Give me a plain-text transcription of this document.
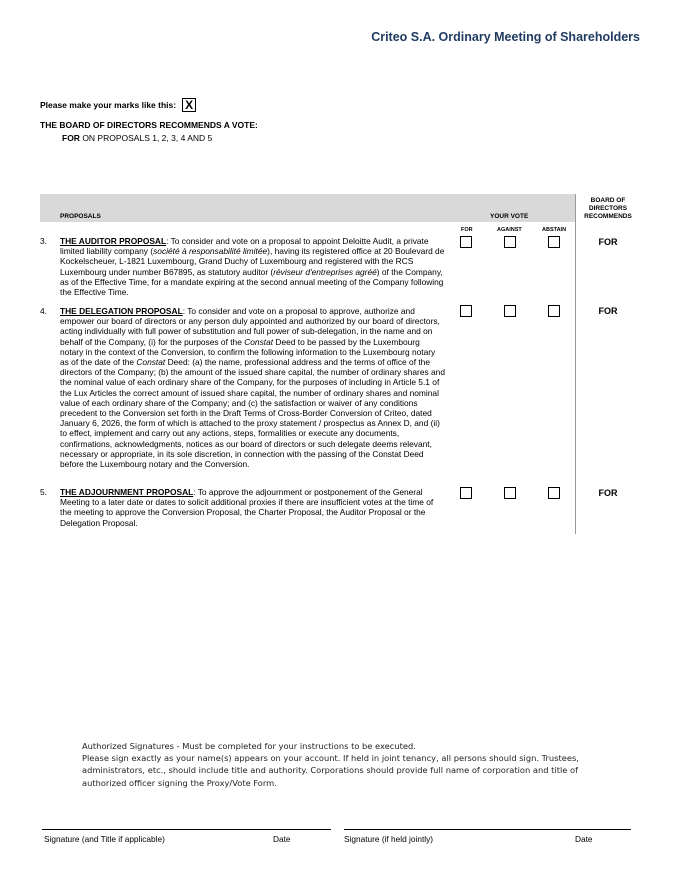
Criteo S.A. Ordinary Meeting of Shareholders
Please make your marks like this: X
THE BOARD OF DIRECTORS RECOMMENDS A VOTE:
FOR ON PROPOSALS 1, 2, 3, 4 AND 5
PROPOSALS	YOUR VOTE
BOARD OF
DIRECTORS
RECOMMENDS
FOR	AGAINST	ABSTAIN
3. THE AUDITOR PROPOSAL: To consider and vote on a proposal to appoint Deloitte Audit, a private limited liability company (société à responsabilité limitée), having its registered office at 20 Boulevard de Kockelscheuer, L-1821 Luxembourg, Grand Duchy of Luxembourg and registered with the RCS Luxembourg under number B67895, as statutory auditor (réviseur d'entreprises agréé) of the Company, as of the Effective Time, for a mandate expiring at the second annual meeting of the Company following the Effective Time.
FOR
4. THE DELEGATION PROPOSAL: To consider and vote on a proposal to approve, authorize and empower our board of directors or any person duly appointed and authorized by our board of directors, acting individually with full power of substitution and full power of sub-delegation, in the name and on behalf of the Company, (i) for the purposes of the Constat Deed to be passed by the Luxembourg notary in the context of the Conversion, to confirm the following information to the Luxembourg notary as of the date of the Constat Deed: (a) the name, professional address and the terms of office of the directors of the Company; (b) the amount of the issued share capital, the number of ordinary shares and the nominal value of each ordinary share of the Company, for the purposes of including in Article 5.1 of the Lux Articles the correct amount of issued share capital, the number of ordinary shares and nominal value of each ordinary share of the Company; and (c) the satisfaction or waiver of any conditions precedent to the Conversion set forth in the Draft Terms of Cross-Border Conversion of Criteo, dated January 6, 2026, the form of which is attached to the proxy statement / prospectus as Annex D, and (ii) to effect, implement and carry out any actions, steps, formalities or execute any documents, confirmations, acknowledgments, notices as our board of directors or such delegate deems relevant, necessary or appropriate, in its sole discretion, in connection with the passing of the Constat Deed before the Luxembourg notary and the Conversion.
FOR
5. THE ADJOURNMENT PROPOSAL: To approve the adjournment or postponement of the General Meeting to a later date or dates to solicit additional proxies if there are insufficient votes at the time of the meeting to approve the Conversion Proposal, the Charter Proposal, the Auditor Proposal or the Delegation Proposal.
FOR
Authorized Signatures - Must be completed for your instructions to be executed.
Please sign exactly as your name(s) appears on your account. If held in joint tenancy, all persons should sign. Trustees, administrators, etc., should include title and authority. Corporations should provide full name of corporation and title of authorized officer signing the Proxy/Vote Form.
Signature (and Title if applicable)	Date	Signature (if held jointly)	Date
